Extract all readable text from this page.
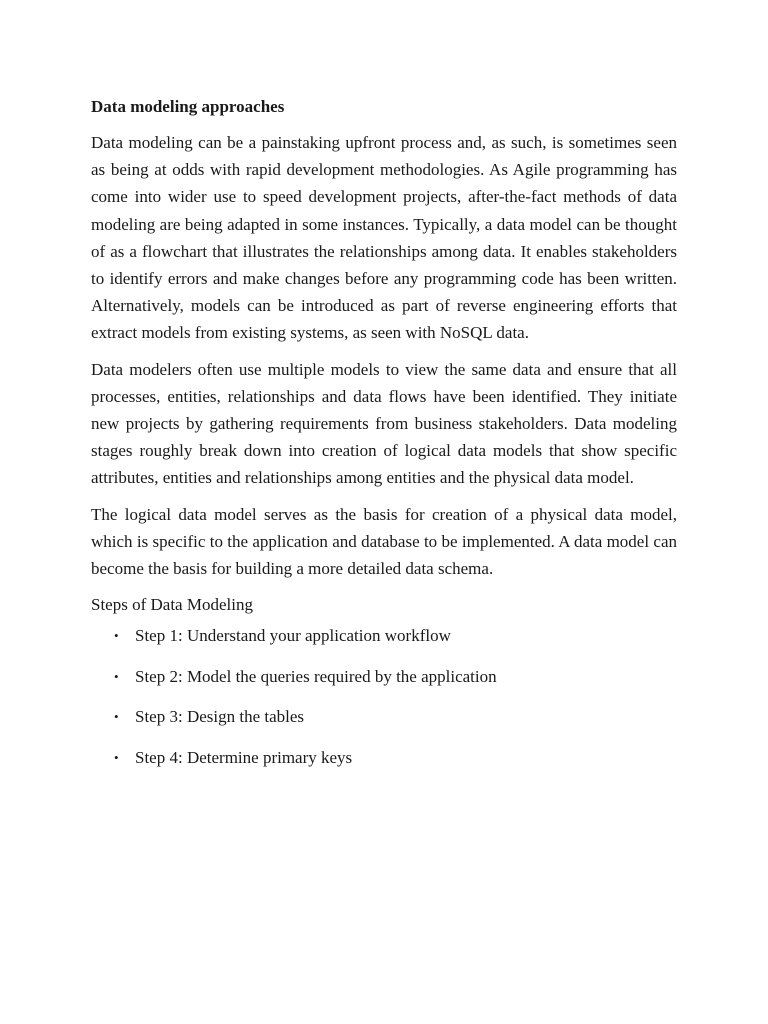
Data modeling approaches

Data modeling can be a painstaking upfront process and, as such, is sometimes seen as being at odds with rapid development methodologies. As Agile programming has come into wider use to speed development projects, after-the-fact methods of data modeling are being adapted in some instances. Typically, a data model can be thought of as a flowchart that illustrates the relationships among data. It enables stakeholders to identify errors and make changes before any programming code has been written. Alternatively, models can be introduced as part of reverse engineering efforts that extract models from existing systems, as seen with NoSQL data.

Data modelers often use multiple models to view the same data and ensure that all processes, entities, relationships and data flows have been identified. They initiate new projects by gathering requirements from business stakeholders. Data modeling stages roughly break down into creation of logical data models that show specific attributes, entities and relationships among entities and the physical data model.

The logical data model serves as the basis for creation of a physical data model, which is specific to the application and database to be implemented. A data model can become the basis for building a more detailed data schema.

Steps of Data Modeling
• Step 1: Understand your application workflow
• Step 2: Model the queries required by the application
• Step 3: Design the tables
• Step 4: Determine primary keys
